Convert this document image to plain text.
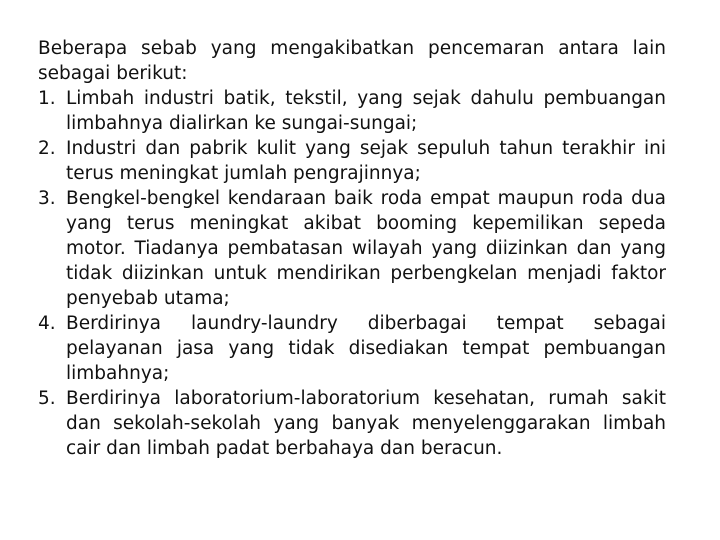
Beberapa sebab yang mengakibatkan pencemaran antara lain sebagai berikut:

1. Limbah industri batik, tekstil, yang sejak dahulu pembuangan limbahnya dialirkan ke sungai-sungai;
2. Industri dan pabrik kulit yang sejak sepuluh tahun terakhir ini terus meningkat jumlah pengrajinnya;
3. Bengkel-bengkel kendaraan baik roda empat maupun roda dua yang terus meningkat akibat booming kepemilikan sepeda motor. Tiadanya pembatasan wilayah yang diizinkan dan yang tidak diizinkan untuk mendirikan perbengkelan menjadi faktor penyebab utama;
4. Berdirinya laundry-laundry diberbagai tempat sebagai pelayanan jasa yang tidak disediakan tempat pembuangan limbahnya;
5. Berdirinya laboratorium-laboratorium kesehatan, rumah sakit dan sekolah-sekolah yang banyak menyelenggarakan limbah cair dan limbah padat berbahaya dan beracun.
